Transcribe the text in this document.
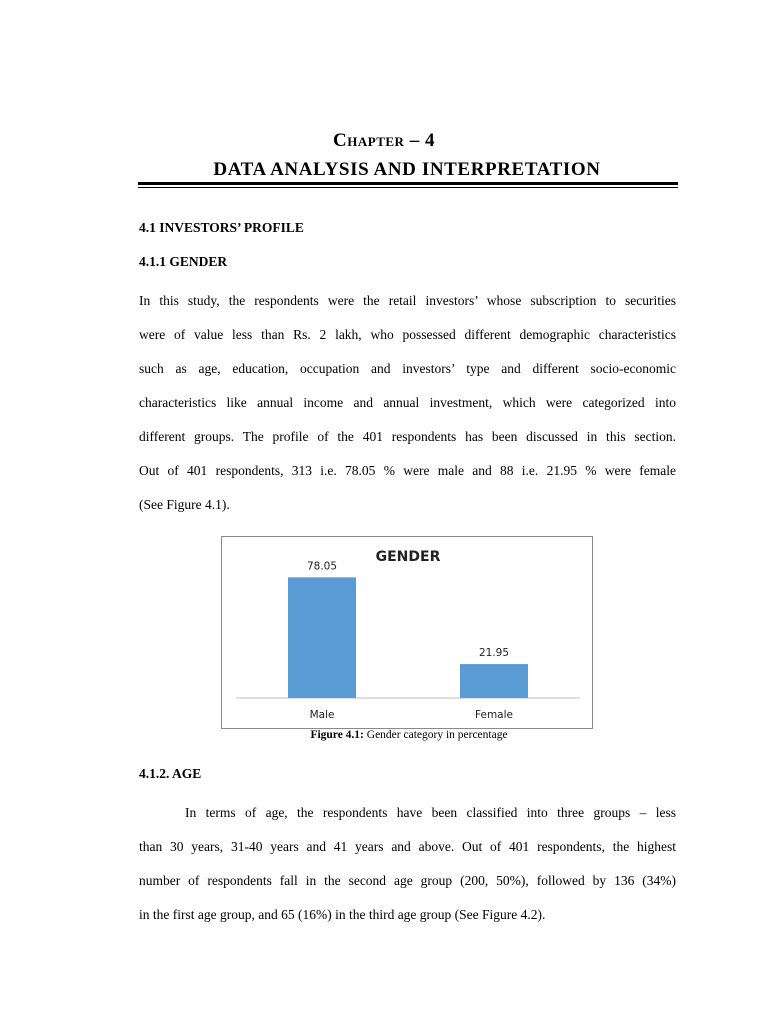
Chapter – 4
DATA ANALYSIS AND INTERPRETATION
4.1 INVESTORS’ PROFILE
4.1.1 GENDER
In this study, the respondents were the retail investors’ whose subscription to securities
were of value less than Rs. 2 lakh, who possessed different demographic characteristics
such as age, education, occupation and investors’ type and different socio-economic
characteristics like annual income and annual investment, which were categorized into
different groups. The profile of the 401 respondents has been discussed in this section.
Out of 401 respondents, 313 i.e. 78.05 % were male and 88 i.e. 21.95 % were female
(See Figure 4.1).
GENDER
78.05
Male
21.95
Female
Figure 4.1: Gender category in percentage
4.1.2. AGE
In terms of age, the respondents have been classified into three groups – less
than 30 years, 31-40 years and 41 years and above. Out of 401 respondents, the highest
number of respondents fall in the second age group (200, 50%), followed by 136 (34%)
in the first age group, and 65 (16%) in the third age group (See Figure 4.2).
